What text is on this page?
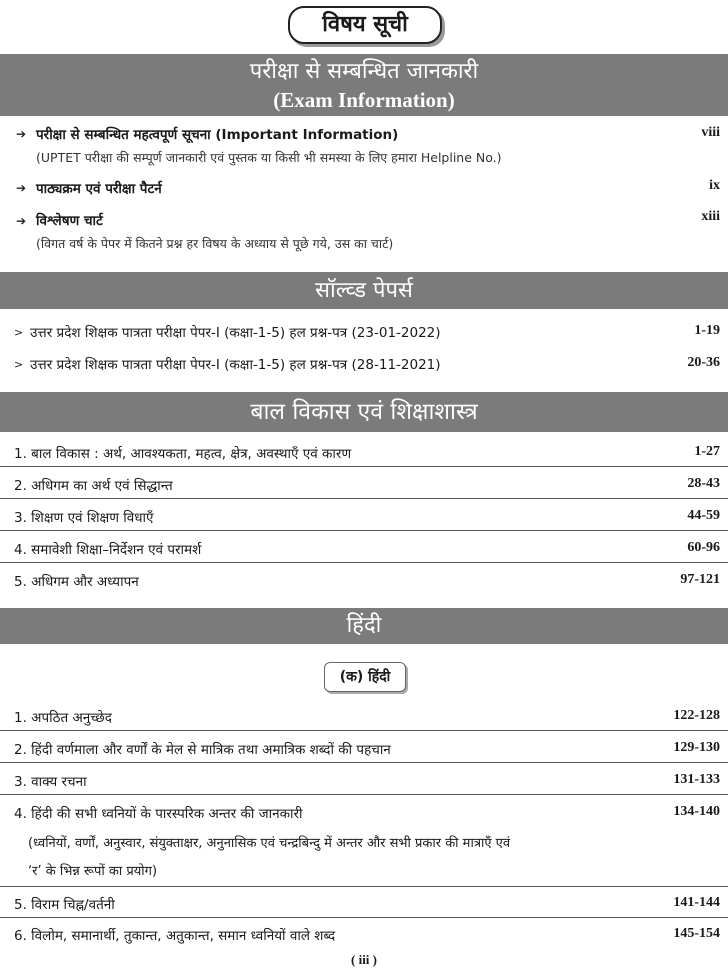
विषय सूची
परीक्षा से सम्बन्धित जानकारी
(Exam Information)
➔ परीक्षा से सम्बन्धित महत्वपूर्ण सूचना (Important Information)	viii
(UPTET परीक्षा की सम्पूर्ण जानकारी एवं पुस्तक या किसी भी समस्या के लिए हमारा Helpline No.)
➔ पाठ्यक्रम एवं परीक्षा पैटर्न	ix
➔ विश्लेषण चार्ट	xiii
(विगत वर्ष के पेपर में कितने प्रश्न हर विषय के अध्याय से पूछे गये, उस का चार्ट)
सॉल्व्ड पेपर्स
> उत्तर प्रदेश शिक्षक पात्रता परीक्षा पेपर-I (कक्षा-1-5) हल प्रश्न-पत्र (23-01-2022)	1-19
> उत्तर प्रदेश शिक्षक पात्रता परीक्षा पेपर-I (कक्षा-1-5) हल प्रश्न-पत्र (28-11-2021)	20-36
बाल विकास एवं शिक्षाशास्त्र
1. बाल विकास : अर्थ, आवश्यकता, महत्व, क्षेत्र, अवस्थाएँ एवं कारण	1-27
2. अधिगम का अर्थ एवं सिद्धान्त	28-43
3. शिक्षण एवं शिक्षण विधाएँ	44-59
4. समावेशी शिक्षा–निर्देशन एवं परामर्श	60-96
5. अधिगम और अध्यापन	97-121
हिंदी
(क) हिंदी
1. अपठित अनुच्छेद	122-128
2. हिंदी वर्णमाला और वर्णों के मेल से मात्रिक तथा अमात्रिक शब्दों की पहचान	129-130
3. वाक्य रचना	131-133
4. हिंदी की सभी ध्वनियों के पारस्परिक अन्तर की जानकारी	134-140
(ध्वनियों, वर्णों, अनुस्वार, संयुक्ताक्षर, अनुनासिक एवं चन्द्रबिन्दु में अन्तर और सभी प्रकार की मात्राएँ एवं
‘र’ के भिन्न रूपों का प्रयोग)
5. विराम चिह्न/वर्तनी	141-144
6. विलोम, समानार्थी, तुकान्त, अतुकान्त, समान ध्वनियों वाले शब्द	145-154
( iii )
